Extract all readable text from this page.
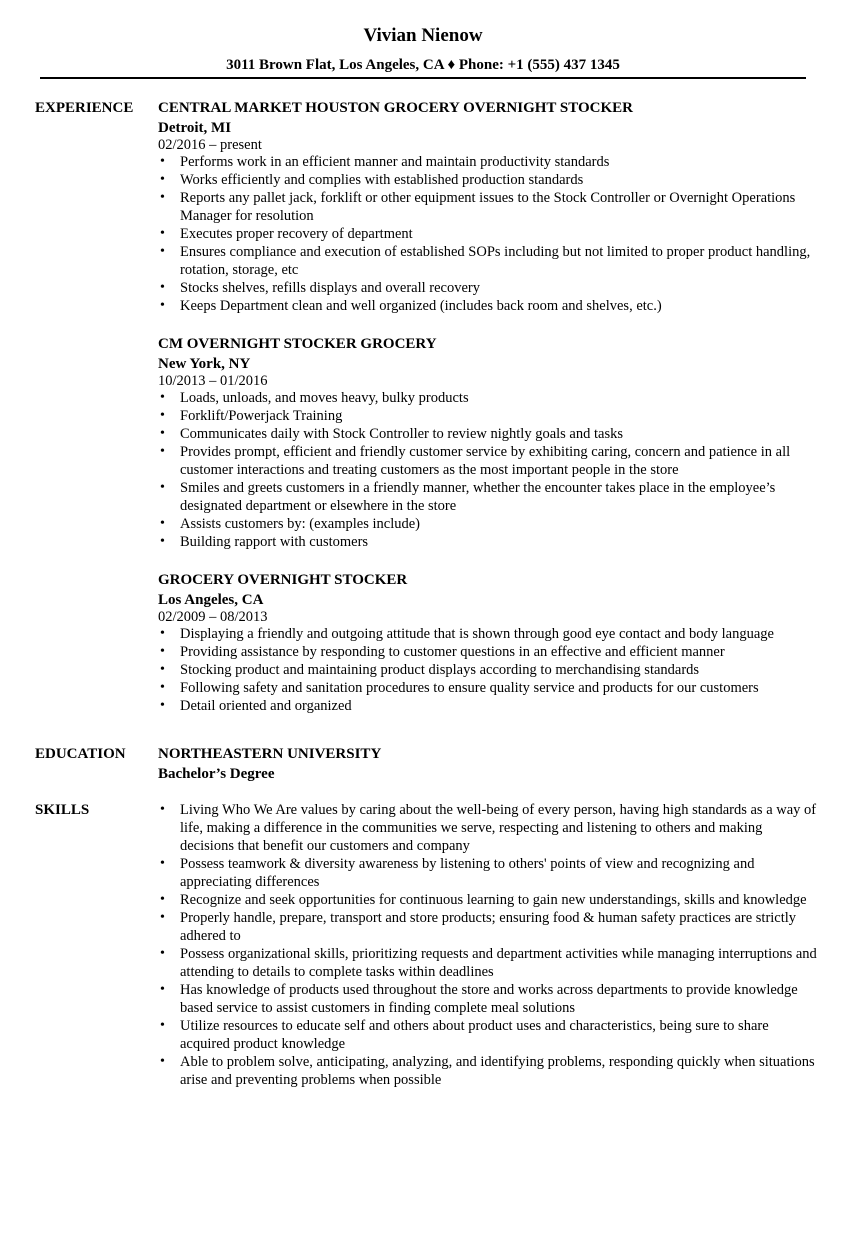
Vivian Nienow
3011 Brown Flat, Los Angeles, CA ♦ Phone: +1 (555) 437 1345
EXPERIENCE CENTRAL MARKET HOUSTON GROCERY OVERNIGHT STOCKER
Detroit, MI
02/2016 – present
• Performs work in an efficient manner and maintain productivity standards
• Works efficiently and complies with established production standards
• Reports any pallet jack, forklift or other equipment issues to the Stock Controller or Overnight Operations Manager for resolution
• Executes proper recovery of department
• Ensures compliance and execution of established SOPs including but not limited to proper product handling, rotation, storage, etc
• Stocks shelves, refills displays and overall recovery
• Keeps Department clean and well organized (includes back room and shelves, etc.)
CM OVERNIGHT STOCKER GROCERY
New York, NY
10/2013 – 01/2016
• Loads, unloads, and moves heavy, bulky products
• Forklift/Powerjack Training
• Communicates daily with Stock Controller to review nightly goals and tasks
• Provides prompt, efficient and friendly customer service by exhibiting caring, concern and patience in all customer interactions and treating customers as the most important people in the store
• Smiles and greets customers in a friendly manner, whether the encounter takes place in the employee’s designated department or elsewhere in the store
• Assists customers by: (examples include)
• Building rapport with customers
GROCERY OVERNIGHT STOCKER
Los Angeles, CA
02/2009 – 08/2013
• Displaying a friendly and outgoing attitude that is shown through good eye contact and body language
• Providing assistance by responding to customer questions in an effective and efficient manner
• Stocking product and maintaining product displays according to merchandising standards
• Following safety and sanitation procedures to ensure quality service and products for our customers
• Detail oriented and organized
EDUCATION NORTHEASTERN UNIVERSITY
Bachelor’s Degree
SKILLS
•	Living Who We Are values by caring about the well-being of every person, having high standards as a way of life, making a difference in the communities we serve, respecting and listening to others and making decisions that benefit our customers and company
• Possess teamwork & diversity awareness by listening to others' points of view and recognizing and appreciating differences
• Recognize and seek opportunities for continuous learning to gain new understandings, skills and knowledge
• Properly handle, prepare, transport and store products; ensuring food & human safety practices are strictly adhered to
• Possess organizational skills, prioritizing requests and department activities while managing interruptions and attending to details to complete tasks within deadlines
• Has knowledge of products used throughout the store and works across departments to provide knowledge based service to assist customers in finding complete meal solutions
• Utilize resources to educate self and others about product uses and characteristics, being sure to share acquired product knowledge
• Able to problem solve, anticipating, analyzing, and identifying problems, responding quickly when situations arise and preventing problems when possible
